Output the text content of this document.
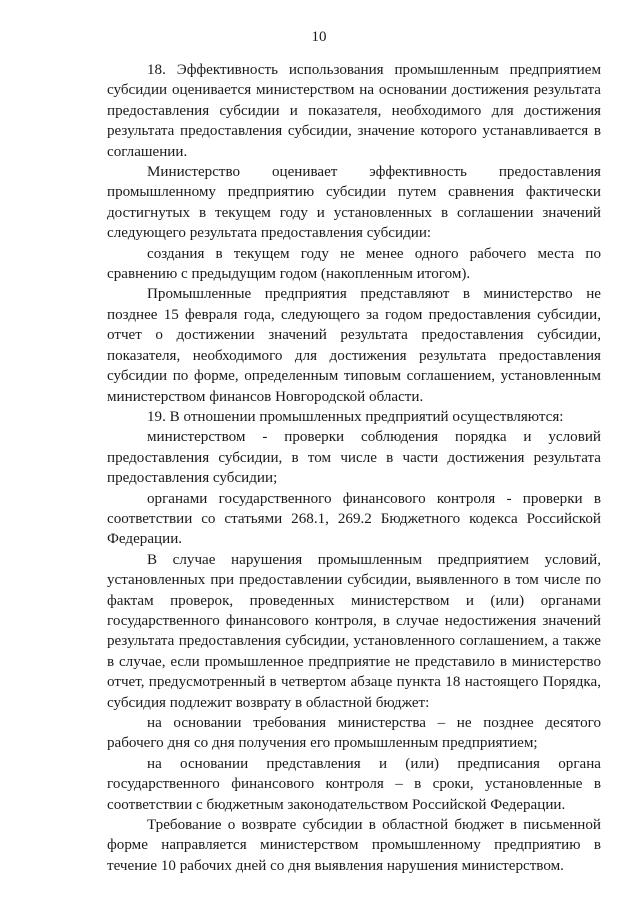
10

18. Эффективность использования промышленным предприятием субсидии оценивается министерством на основании достижения результата предоставления субсидии и показателя, необходимого для достижения результата предоставления субсидии, значение которого устанавливается в соглашении.

Министерство оценивает эффективность предоставления промышленному предприятию субсидии путем сравнения фактически достигнутых в текущем году и установленных в соглашении значений следующего результата предоставления субсидии:

создания в текущем году не менее одного рабочего места по сравнению с предыдущим годом (накопленным итогом).

Промышленные предприятия представляют в министерство не позднее 15 февраля года, следующего за годом предоставления субсидии, отчет о достижении значений результата предоставления субсидии, показателя, необходимого для достижения результата предоставления субсидии по форме, определенным типовым соглашением, установленным министерством финансов Новгородской области.

19. В отношении промышленных предприятий осуществляются:

министерством - проверки соблюдения порядка и условий предоставления субсидии, в том числе в части достижения результата предоставления субсидии;

органами государственного финансового контроля - проверки в соответствии со статьями 268.1, 269.2 Бюджетного кодекса Российской Федерации.

В случае нарушения промышленным предприятием условий, установленных при предоставлении субсидии, выявленного в том числе по фактам проверок, проведенных министерством и (или) органами государственного финансового контроля, в случае недостижения значений результата предоставления субсидии, установленного соглашением, а также в случае, если промышленное предприятие не представило в министерство отчет, предусмотренный в четвертом абзаце пункта 18 настоящего Порядка, субсидия подлежит возврату в областной бюджет:

на основании требования министерства – не позднее десятого рабочего дня со дня получения его промышленным предприятием;

на основании представления и (или) предписания органа государственного финансового контроля – в сроки, установленные в соответствии с бюджетным законодательством Российской Федерации.

Требование о возврате субсидии в областной бюджет в письменной форме направляется министерством промышленному предприятию в течение 10 рабочих дней со дня выявления нарушения министерством.
